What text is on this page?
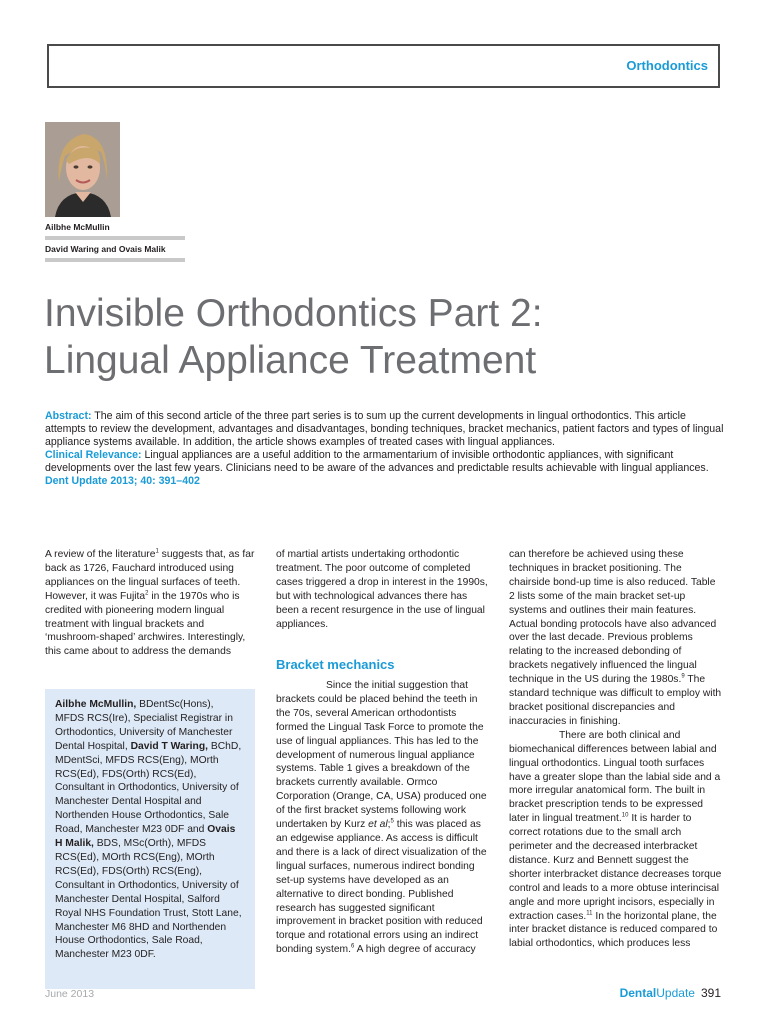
Orthodontics
Ailbhe McMullin
David Waring and Ovais Malik
Invisible Orthodontics Part 2:
Lingual Appliance Treatment

Abstract: The aim of this second article of the three part series is to sum up the current developments in lingual orthodontics. This article attempts to review the development, advantages and disadvantages, bonding techniques, bracket mechanics, patient factors and types of lingual appliance systems available. In addition, the article shows examples of treated cases with lingual appliances.

Clinical Relevance: Lingual appliances are a useful addition to the armamentarium of invisible orthodontic appliances, with significant developments over the last few years. Clinicians need to be aware of the advances and predictable results achievable with lingual appliances.

Dent Update 2013; 40: 391–402

A review of the literature$^1$ suggests that, as far back as 1726, Fauchard introduced using appliances on the lingual surfaces of teeth. However, it was Fujita$^2$ in the 1970s who is credited with pioneering modern lingual treatment with lingual brackets and ‘mushroom-shaped’ archwires. Interestingly, this came about to address the demands

Ailbhe McMullin, BDentSc(Hons), MFDS RCS(Ire), Specialist Registrar in Orthodontics, University of Manchester Dental Hospital, David T Waring, BChD, MDentSci, MFDS RCS(Eng), MOrth RCS(Ed), FDS(Orth) RCS(Ed), Consultant in Orthodontics, University of Manchester Dental Hospital and Northenden House Orthodontics, Sale Road, Manchester M23 0DF and Ovais H Malik, BDS, MSc(Orth), MFDS RCS(Ed), MOrth RCS(Eng), MOrth RCS(Ed), FDS(Orth) RCS(Eng), Consultant in Orthodontics, University of Manchester Dental Hospital, Salford Royal NHS Foundation Trust, Stott Lane, Manchester M6 8HD and Northenden House Orthodontics, Sale Road, Manchester M23 0DF.

of martial artists undertaking orthodontic treatment. The poor outcome of completed cases triggered a drop in interest in the 1990s, but with technological advances there has been a recent resurgence in the use of lingual appliances.

Bracket mechanics

Since the initial suggestion that brackets could be placed behind the teeth in the 70s, several American orthodontists formed the Lingual Task Force to promote the use of lingual appliances. This has led to the development of numerous lingual appliance systems. Table 1 gives a breakdown of the brackets currently available. Ormco Corporation (Orange, CA, USA) produced one of the first bracket systems following work undertaken by Kurz et al;$^5$ this was placed as an edgewise appliance. As access is difficult and there is a lack of direct visualization of the lingual surfaces, numerous indirect bonding set-up systems have developed as an alternative to direct bonding. Published research has suggested significant improvement in bracket position with reduced torque and rotational errors using an indirect bonding system.$^6$ A high degree of accuracy

can therefore be achieved using these techniques in bracket positioning. The chairside bond-up time is also reduced. Table 2 lists some of the main bracket set-up systems and outlines their main features. Actual bonding protocols have also advanced over the last decade. Previous problems relating to the increased debonding of brackets negatively influenced the lingual technique in the US during the 1980s.$^9$ The standard technique was difficult to employ with bracket positional discrepancies and inaccuracies in finishing.

There are both clinical and biomechanical differences between labial and lingual orthodontics. Lingual tooth surfaces have a greater slope than the labial side and a more irregular anatomical form. The built in bracket prescription tends to be expressed later in lingual treatment.$^{10}$ It is harder to correct rotations due to the small arch perimeter and the decreased interbracket distance. Kurz and Bennett suggest the shorter interbracket distance decreases torque control and leads to a more obtuse interincisal angle and more upright incisors, especially in extraction cases.$^{11}$ In the horizontal plane, the inter bracket distance is reduced compared to labial orthodontics, which produces less

June 2013	DentalUpdate 391
